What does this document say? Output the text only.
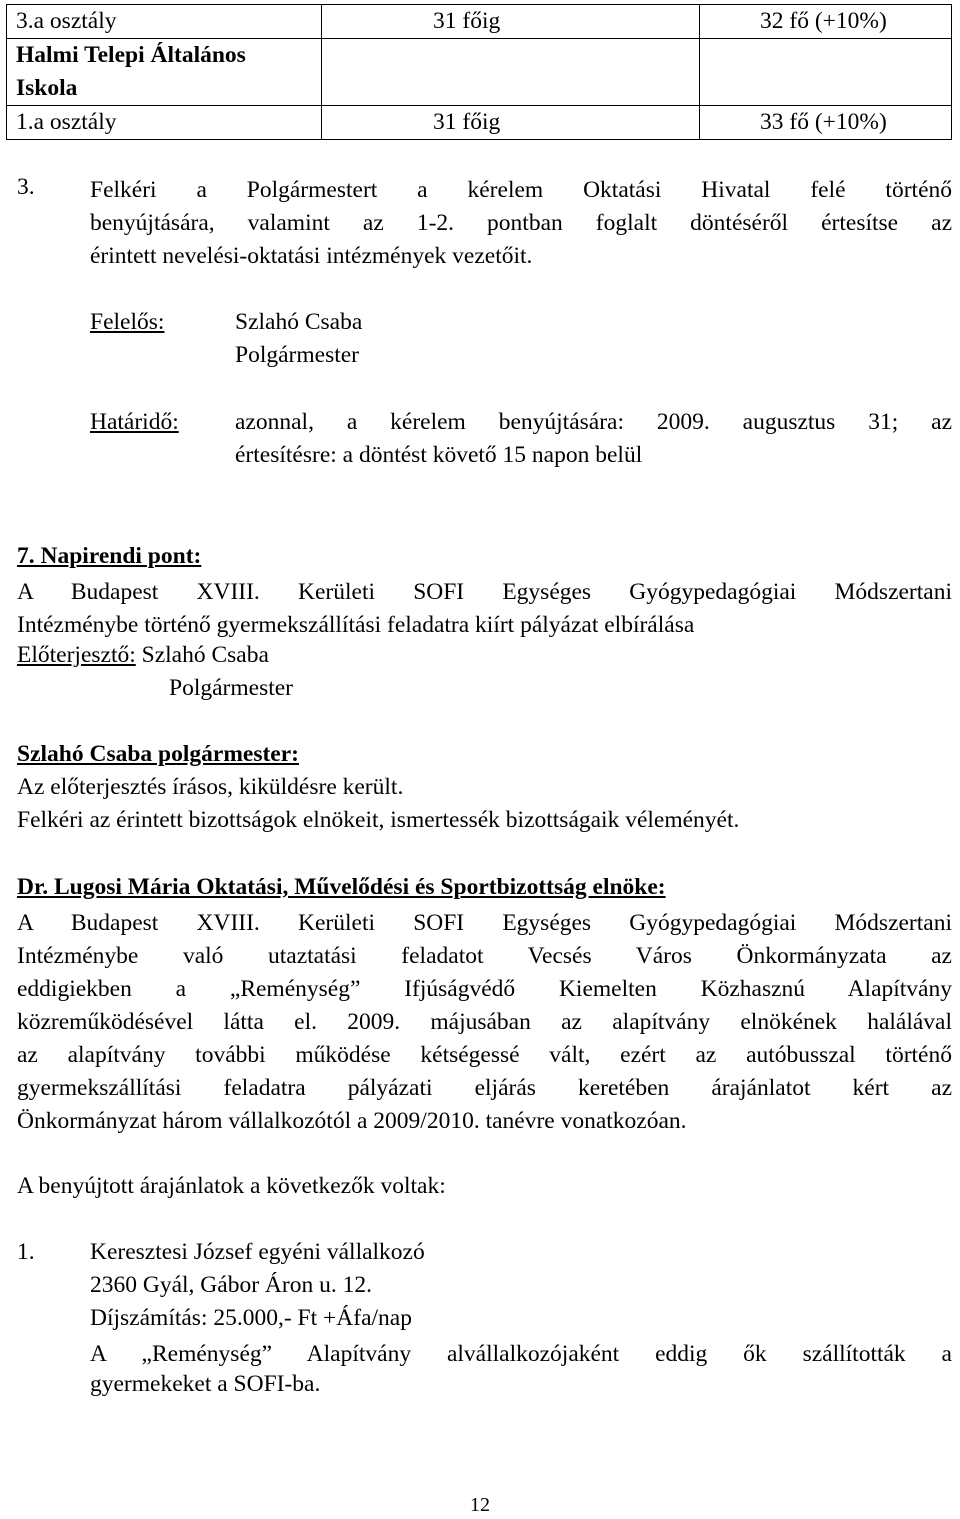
3.a osztály	31 főig	32 fő (+10%)

Halmi Telepi Általános
Iskola		

1.a osztály	31 főig	33 fő (+10%)
3. Felkéri a Polgármestert a kérelem Oktatási Hivatal felé történő
benyújtására, valamint az 1-2. pontban foglalt döntéséről értesítse az
érintett nevelési-oktatási intézmények vezetőit.
Felelős:	Szlahó Csaba
Polgármester
Határidő: azonnal, a kérelem benyújtására: 2009. augusztus 31; az
értesítésre: a döntést követő 15 napon belül
7. Napirendi pont:
A Budapest XVIII. Kerületi SOFI Egységes Gyógypedagógiai Módszertani
Intézménybe történő gyermekszállítási feladatra kiírt pályázat elbírálása
Előterjesztő: Szlahó Csaba
Polgármester
Szlahó Csaba polgármester:
Az előterjesztés írásos, kiküldésre került.
Felkéri az érintett bizottságok elnökeit, ismertessék bizottságaik véleményét.
Dr. Lugosi Mária Oktatási, Művelődési és Sportbizottság elnöke:
A Budapest XVIII. Kerületi SOFI Egységes Gyógypedagógiai Módszertani
Intézménybe való utaztatási feladatot Vecsés Város Önkormányzata az
eddigiekben a „Reménység” Ifjúságvédő Kiemelten Közhasznú Alapítvány
közreműködésével látta el. 2009. májusában az alapítvány elnökének halálával
az alapítvány további működése kétségessé vált, ezért az autóbusszal történő
gyermekszállítási feladatra pályázati eljárás keretében árajánlatot kért az
Önkormányzat három vállalkozótól a 2009/2010. tanévre vonatkozóan.
A benyújtott árajánlatok a következők voltak:
1. Keresztesi József egyéni vállalkozó
2360 Gyál, Gábor Áron u. 12.
Díjszámítás: 25.000,- Ft +Áfa/nap
A „Reménység” Alapítvány alvállalkozójaként eddig ők szállították a
gyermekeket a SOFI-ba.
12
